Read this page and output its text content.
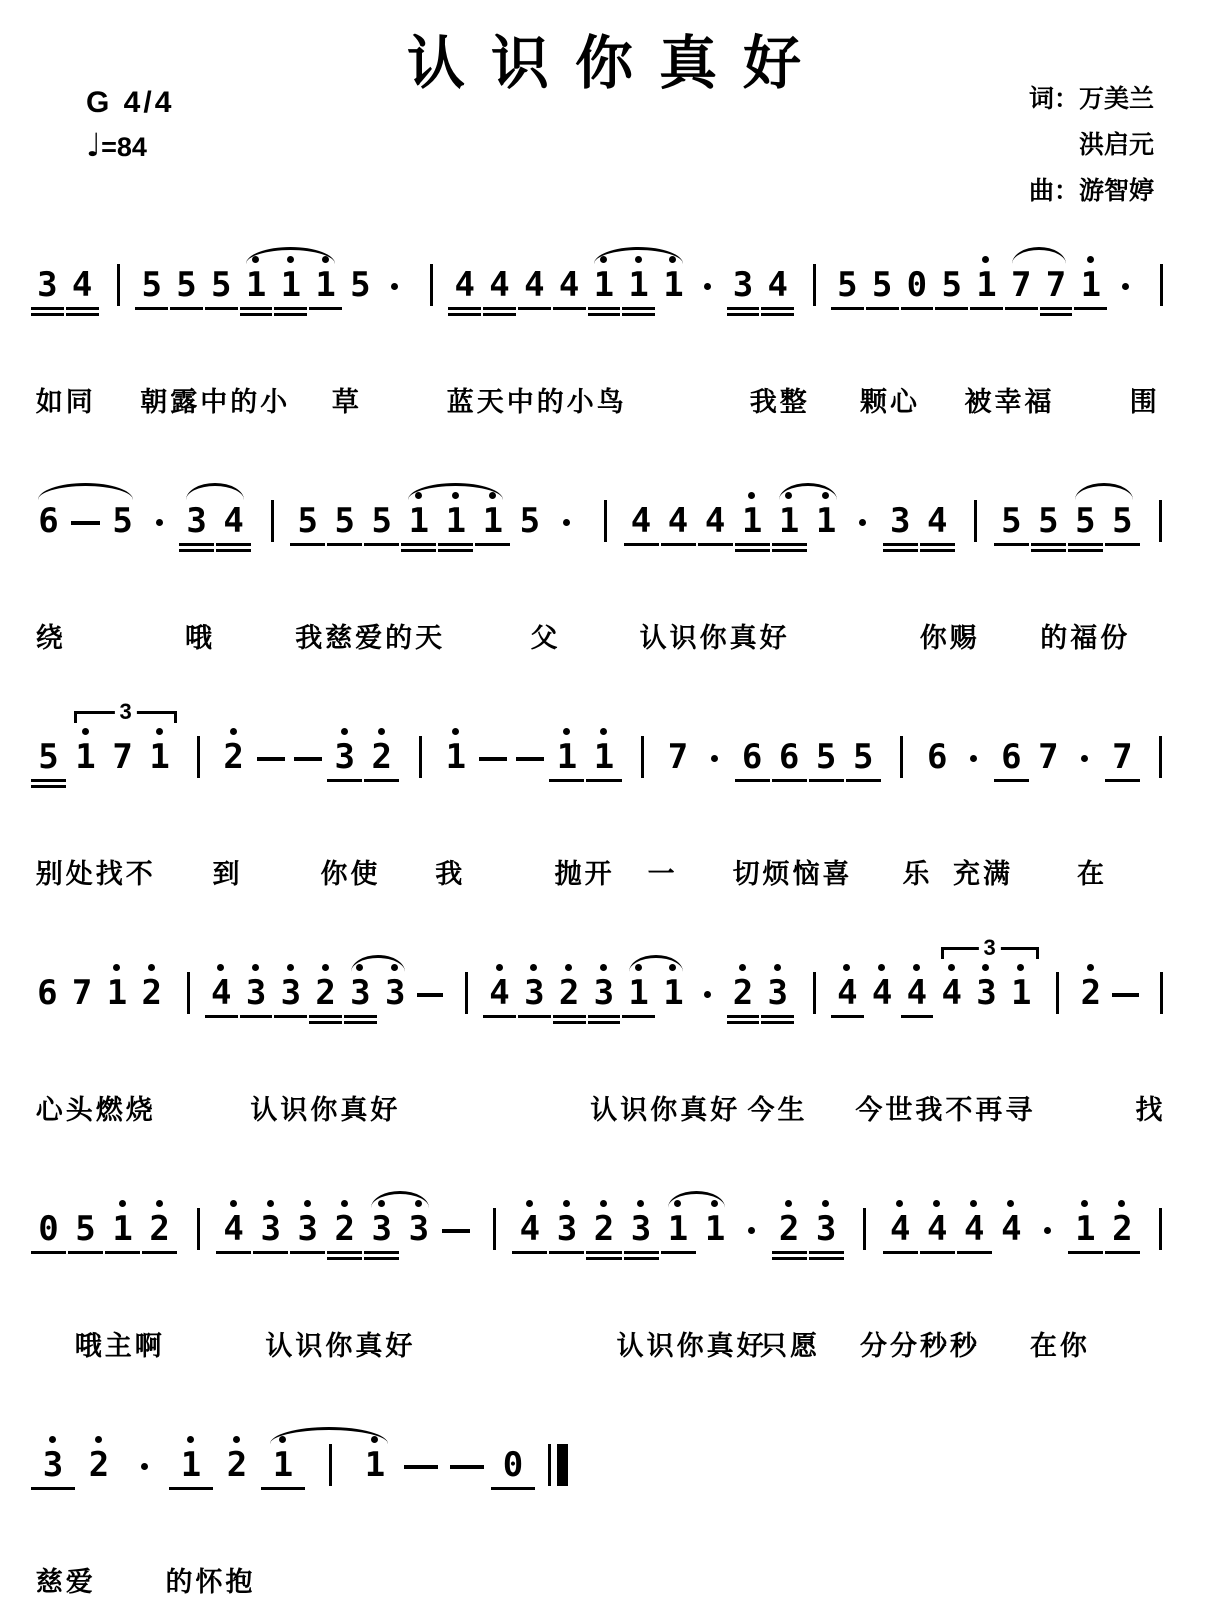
认识你真好
G 4/4
♩=84
词：万美兰
洪启元
曲：游智婷
3 4 5 5 5 1 1 1 5 4 4 4 4 1 1 1 3 4 5 5 0 5 1 7 7 1
如同 朝露中的小 草	蓝天中的小鸟	我整 颗心 被幸福	围
6 5 3 4 5 5 5 1 1 1 5	4 4 4 1 1 1 3 4 5 5 5 5
绕	哦	我慈爱的天	父	认识你真好	你赐 的福份
5 1 7 1 2	3 2 1	1 1 7 6 6 5 5 6 6 7 7
3
别处找不 到	你使 我	抛开 一 切烦恼喜 乐 充满 在
6 7 1 2 4 3 3 2 3 3 4 3 2 3 1 1 2 3 4 4 4 4 3 1 2
3
心头燃烧	认识你真好	认识你真好 今生 今世我不再寻	找
0 5 1 2 4 3 3 2 3 3	4 3 2 3 1 1 2 3 4 4 4 4 1 2
哦主啊	认识你真好	认识你真好
只愿 分分秒秒 在你
3 2	1 2 1	1	0
慈爱	的怀抱
